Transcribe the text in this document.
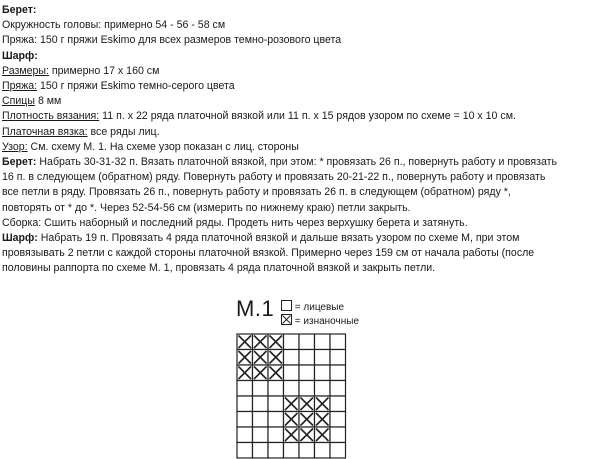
Берет:
Окружность головы: примерно 54 - 56 - 58 см
Пряжа: 150 г пряжи Eskimo для всех размеров темно-розового цвета
Шарф:
Размеры: примерно 17 х 160 см
Пряжа: 150 г пряжи Eskimo темно-серого цвета
Спицы 8 мм
Плотность вязания: 11 п. х 22 ряда платочной вязкой или 11 п. х 15 рядов узором по схеме = 10 х 10 см.
Платочная вязка: все ряды лиц.
Узор: См. схему М. 1. На схеме узор показан с лиц. стороны
Берет: Набрать 30-31-32 п. Вязать платочной вязкой, при этом: * провязать 26 п., повернуть работу и провязать
16 п. в следующем (обратном) ряду. Повернуть работу и провязать 20-21-22 п., повернуть работу и провязать
все петли в ряду. Провязать 26 п., повернуть работу и провязать 26 п. в следующем (обратном) ряду *,
повторять от * до *. Через 52-54-56 см (измерить по нижнему краю) петли закрыть.
Сборка: Сшить наборный и последний ряды. Продеть нить через верхушку берета и затянуть.
Шарф: Набрать 19 п. Провязать 4 ряда платочной вязкой и дальше вязать узором по схеме М, при этом
провязывать 2 петли с каждой стороны платочной вязкой. Примерно через 159 см от начала работы (после
половины раппорта по схеме М. 1, провязать 4 ряда платочной вязкой и закрыть петли.
М.1	= лицевые
= изнаночные
